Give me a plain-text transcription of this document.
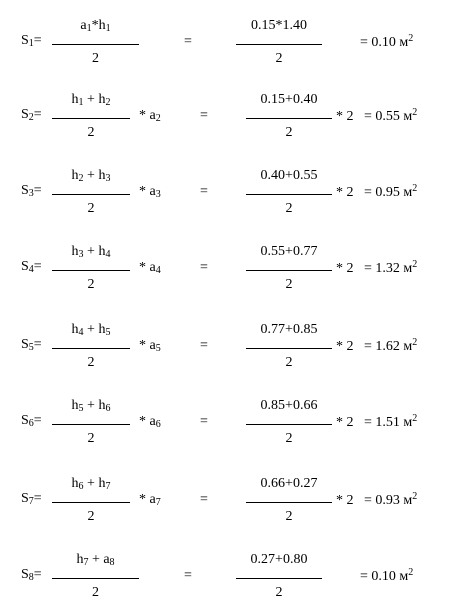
$S_1=$
$a_1*h_1$
2
=
0.15*1.40
2
= 0.10 $м^2$
$S_2=$
$h_1 + h_2$
2
* $a_2$	=
0.15+0.40
2
* 2 = 0.55 $м^2$
$S_3=$
$h_2 + h_3$
2
* $a_3$	=
0.40+0.55
2
* 2 = 0.95 $м^2$
$S_4=$
$h_3 + h_4$
2
* $a_4$	=
0.55+0.77
2
* 2 = 1.32 $м^2$
$S_5=$
$h_4 + h_5$
2
* $a_5$	=
0.77+0.85
2
* 2 = 1.62 $м^2$
$S_6=$
$h_5 + h_6$
2
* $a_6$	=
0.85+0.66
2
* 2 = 1.51 $м^2$
$S_7=$
$h_6 + h_7$
2
* $a_7$	=
0.66+0.27
2
* 2 = 0.93 $м^2$
$S_8=$
$h_7 + a_8$
2
=
0.27+0.80
2
= 0.10 $м^2$
